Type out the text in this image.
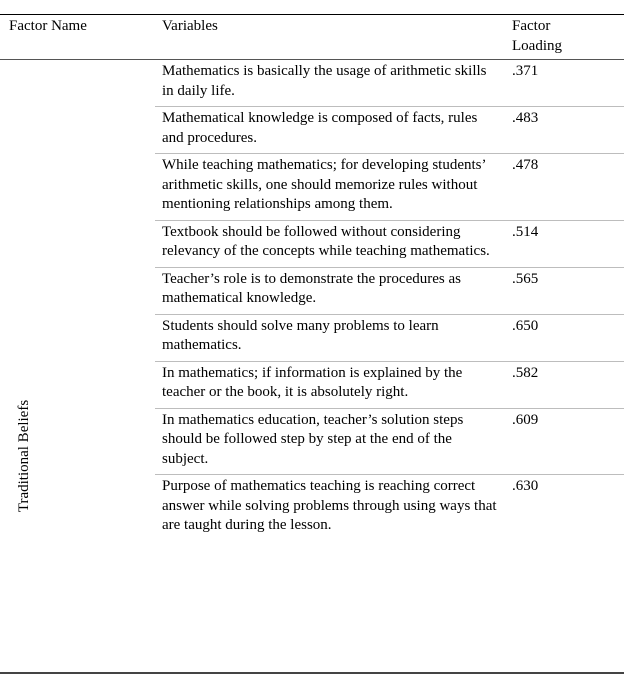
Factor Name	Variables	Factor Loading
Traditional Beliefs
Mathematics is basically the usage of arithmetic skills in daily life.
.371
Mathematical knowledge is composed of facts, rules and procedures.
.483
While teaching mathematics; for developing students’ arithmetic skills, one should memorize rules without mentioning relationships among them.
.478
Textbook should be followed without considering relevancy of the concepts while teaching mathematics.
.514
Teacher’s role is to demonstrate the procedures as mathematical knowledge.
.565
Students should solve many problems to learn mathematics.
.650
In mathematics; if information is explained by the teacher or the book, it is absolutely right.
.582
In mathematics education, teacher’s solution steps should be followed step by step at the end of the subject.
.609
Purpose of mathematics teaching is reaching correct answer while solving problems through using ways that are taught during the lesson.
.630
